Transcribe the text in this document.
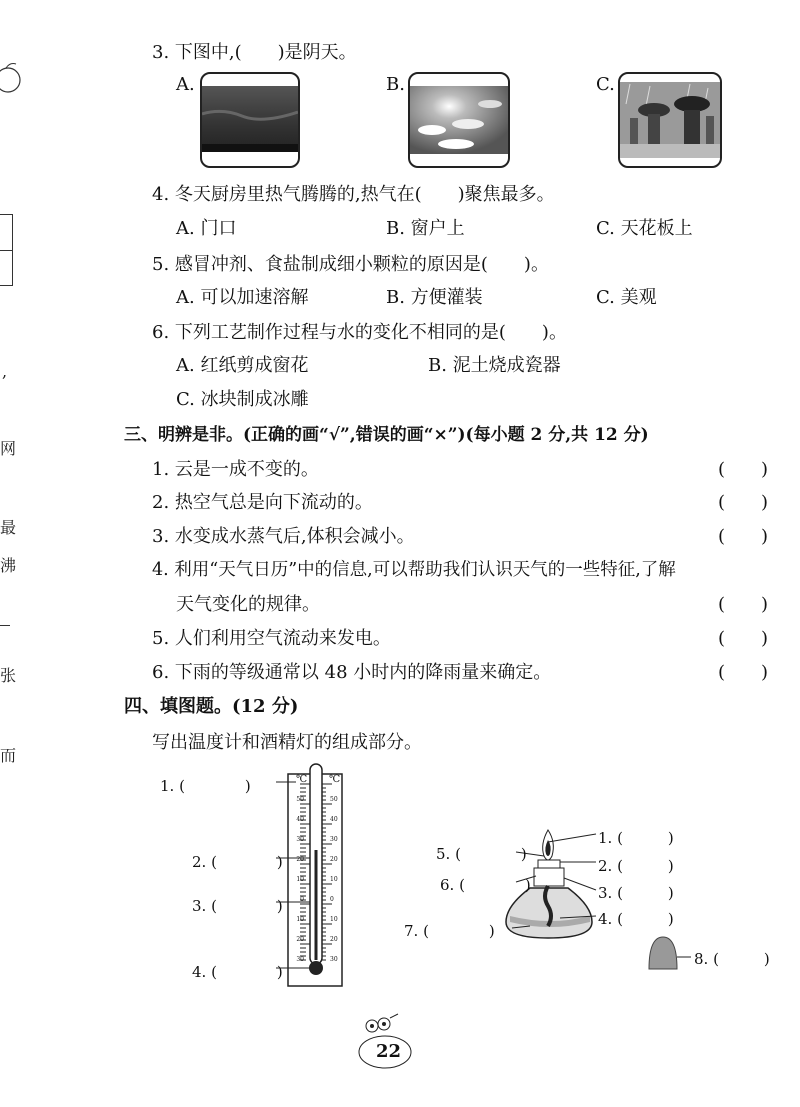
,
网
最
沸
张
而
3. 下图中,(　　)是阴天。
A.	B.	C.
4. 冬天厨房里热气腾腾的,热气在(　　)聚焦最多。
A. 门口	B. 窗户上	C. 天花板上
5. 感冒冲剂、食盐制成细小颗粒的原因是(　　)。
A. 可以加速溶解	B. 方便灌装	C. 美观
6. 下列工艺制作过程与水的变化不相同的是(　　)。
A. 红纸剪成窗花	B. 泥土烧成瓷器
C. 冰块制成冰雕
三、明辨是非。(正确的画“√”,错误的画“×”)(每小题 2 分,共 12 分)
1. 云是一成不变的。	(　　)
2. 热空气总是向下流动的。	(　　)
3. 水变成水蒸气后,体积会减小。	(　　)
4. 利用“天气日历”中的信息,可以帮助我们认识天气的一些特征,了解
天气变化的规律。	(　　)
5. 人们利用空气流动来发电。	(　　)
6. 下雨的等级通常以 48 小时内的降雨量来确定。	(　　)
四、填图题。(12 分)
写出温度计和酒精灯的组成部分。
℃ ℃
50
40
30
20
10
0
10
20
30
50
40
30
20
10
0
10
20
30
1. (　　　　)
2. (　　　　)
3. (　　　　)
4. (　　　　)
5. (　　　　)
6. (　　　　)
7. (　　　　)
1. (　　　)
2. (　　　)
3. (　　　)
4. (　　　)
8. (　　　)
22
